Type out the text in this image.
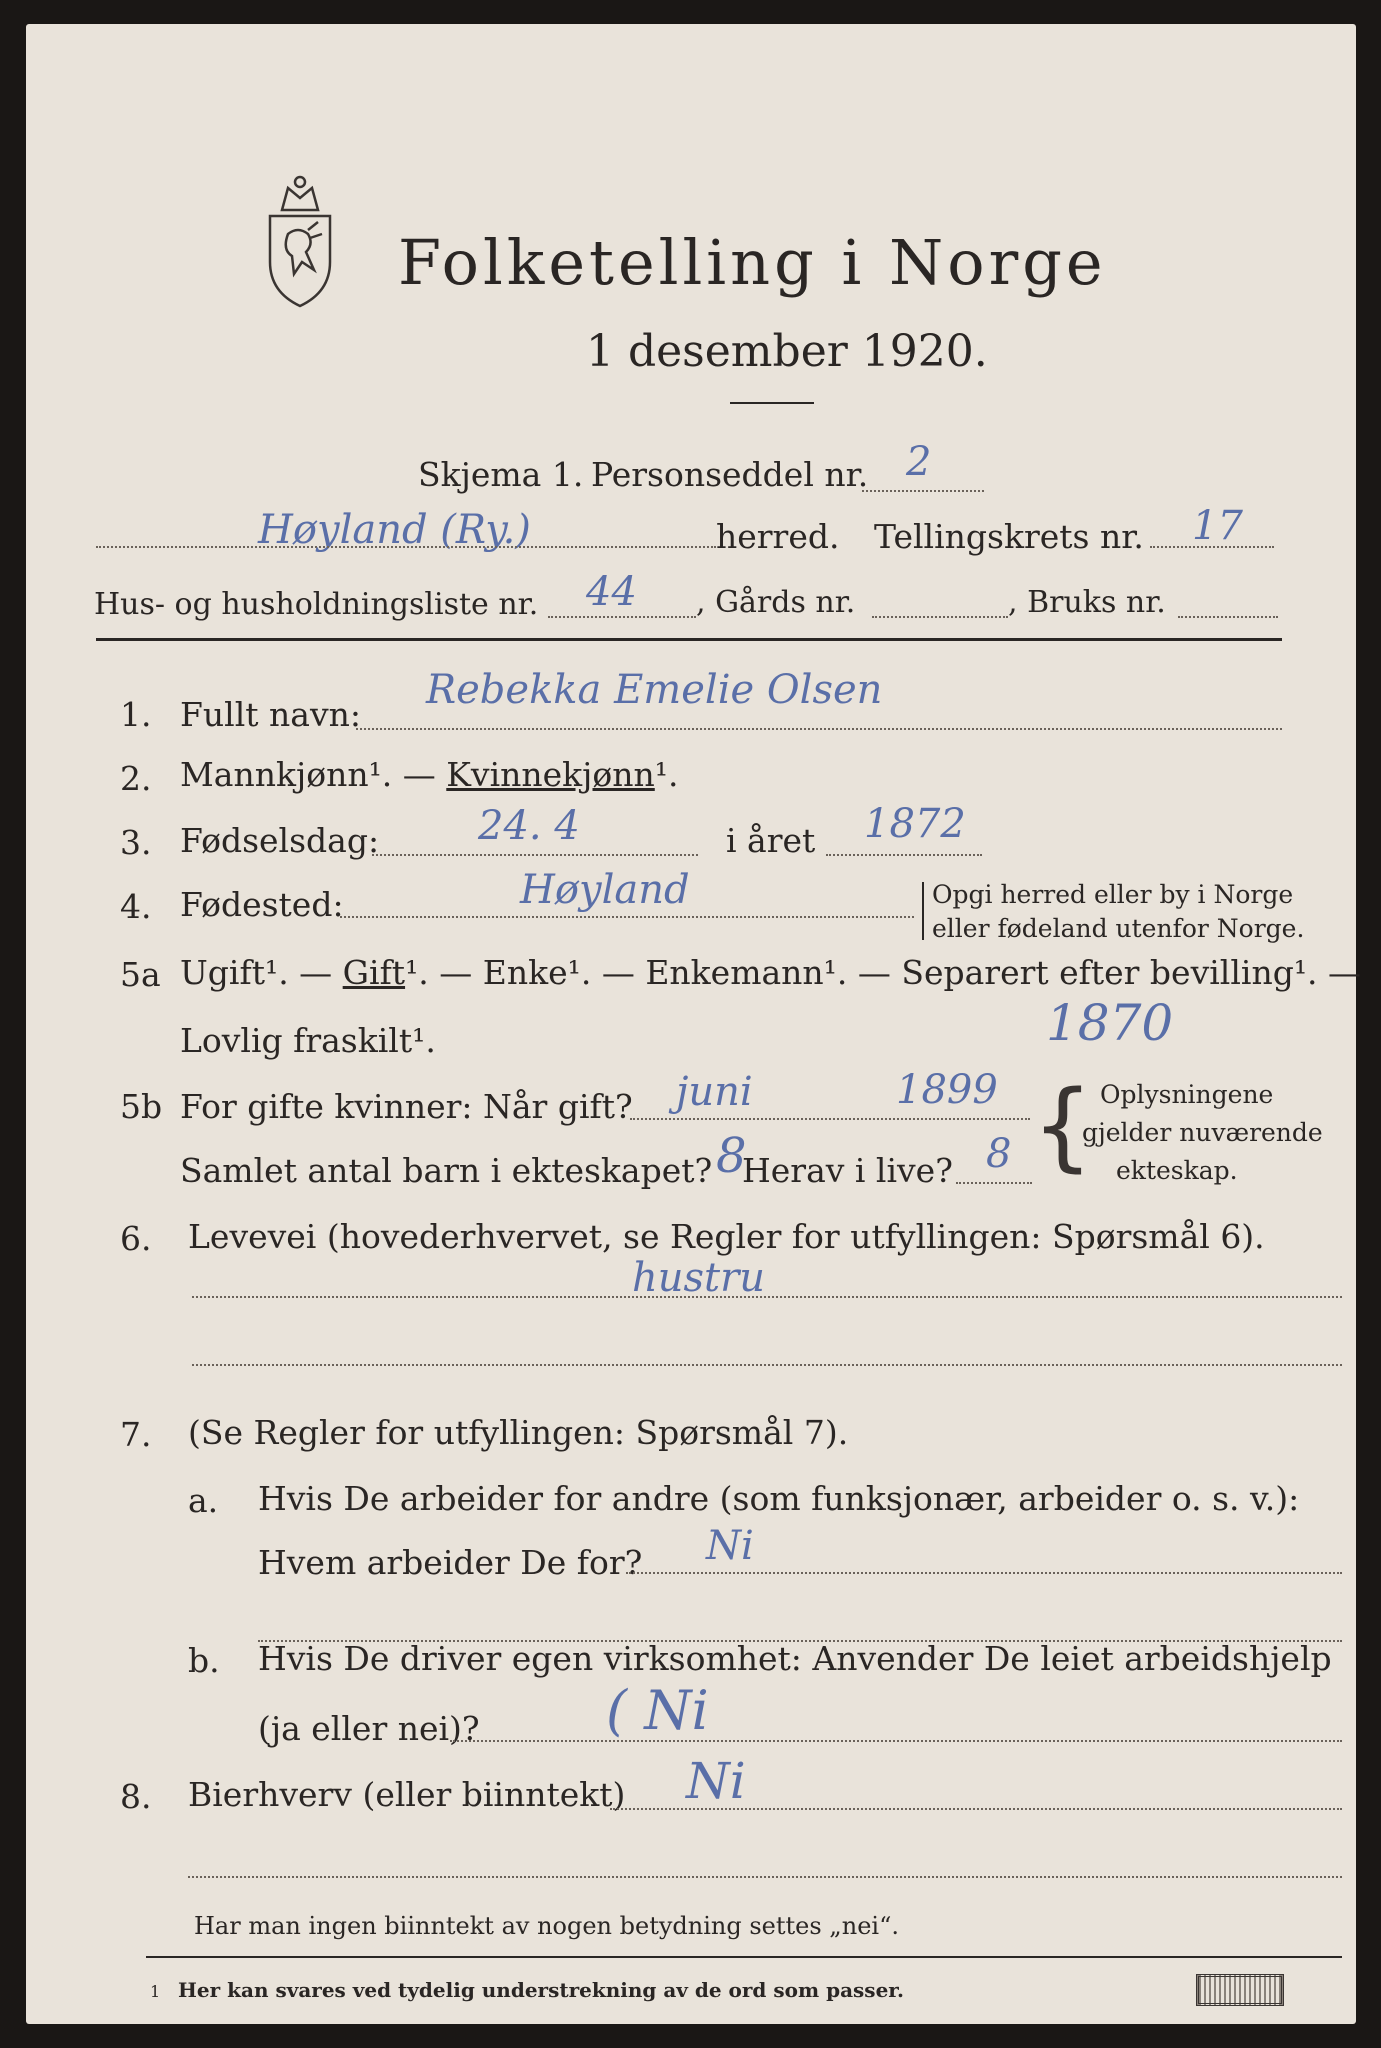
Folketelling i Norge
1 desember 1920.
Skjema 1. Personseddel nr. 2
Høyland (Ry.)	herred. Tellingskrets nr. 17
Hus- og husholdningsliste nr. 44 , Gårds nr.	, Bruks nr.
1. Fullt navn:
Rebekka Emelie Olsen
2. Mannkjønn¹. — Kvinnekjønn¹.
3. Fødselsdag: 24. 4	i året 1872
4. Fødested:	Høyland	Opgi herred eller by i Norge
eller fødeland utenfor Norge.
5a Ugift¹. — Gift¹. — Enke¹. — Enkemann¹. — Separert efter bevilling¹. —
Lovlig fraskilt¹.	1870
5b For gifte kvinner: Når gift? juni	1899
Samlet antal barn i ekteskapet? 8
Herav i live? 8 { Oplysningene
gjelder nuværende
ekteskap.
6. Levevei (hovederhvervet, se Regler for utfyllingen: Spørsmål 6).
hustru
7. (Se Regler for utfyllingen: Spørsmål 7).
a. Hvis De arbeider for andre (som funksjonær, arbeider o. s. v.):
Hvem arbeider De for? Ni
b. Hvis De driver egen virksomhet: Anvender De leiet arbeidshjelp
(ja eller nei)? ( Ni
8. Bierhverv (eller biinntekt) Ni
Har man ingen biinntekt av nogen betydning settes „nei“.
1 Her kan svares ved tydelig understrekning av de ord som passer.
